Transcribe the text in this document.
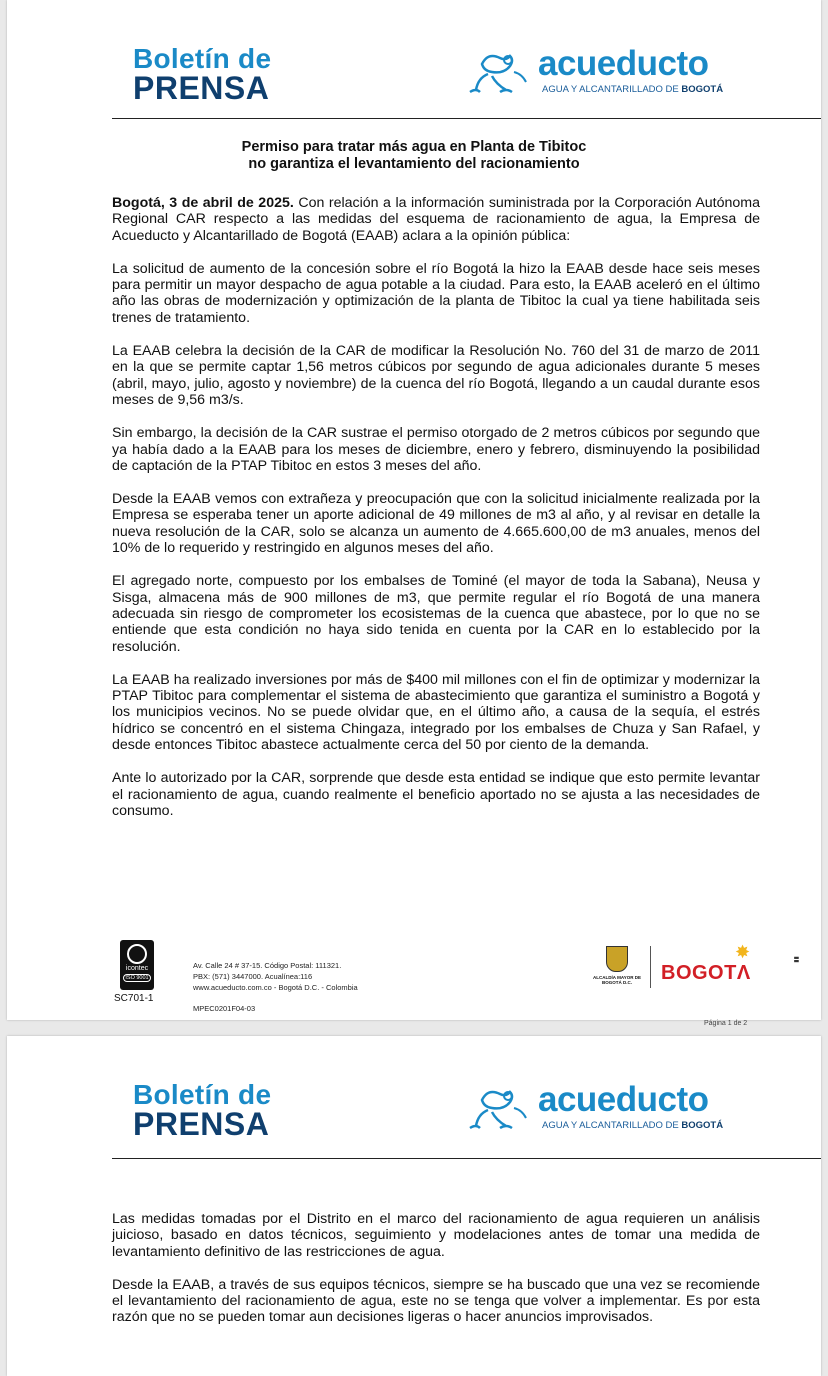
Boletín de
PRENSA
acueducto
AGUA Y ALCANTARILLADO DE BOGOTÁ
Permiso para tratar más agua en Planta de Tibitoc
no garantiza el levantamiento del racionamiento

Bogotá, 3 de abril de 2025. Con relación a la información suministrada por la Corporación Autónoma Regional CAR respecto a las medidas del esquema de racionamiento de agua, la Empresa de Acueducto y Alcantarillado de Bogotá (EAAB) aclara a la opinión pública:

La solicitud de aumento de la concesión sobre el río Bogotá la hizo la EAAB desde hace seis meses para permitir un mayor despacho de agua potable a la ciudad. Para esto, la EAAB aceleró en el último año las obras de modernización y optimización de la planta de Tibitoc la cual ya tiene habilitada seis trenes de tratamiento.

La EAAB celebra la decisión de la CAR de modificar la Resolución No. 760 del 31 de marzo de 2011 en la que se permite captar 1,56 metros cúbicos por segundo de agua adicionales durante 5 meses (abril, mayo, julio, agosto y noviembre) de la cuenca del río Bogotá, llegando a un caudal durante esos meses de 9,56 m3/s.

Sin embargo, la decisión de la CAR sustrae el permiso otorgado de 2 metros cúbicos por segundo que ya había dado a la EAAB para los meses de diciembre, enero y febrero, disminuyendo la posibilidad de captación de la PTAP Tibitoc en estos 3 meses del año.

Desde la EAAB vemos con extrañeza y preocupación que con la solicitud inicialmente realizada por la Empresa se esperaba tener un aporte adicional de 49 millones de m3 al año, y al revisar en detalle la nueva resolución de la CAR, solo se alcanza un aumento de 4.665.600,00 de m3 anuales, menos del 10% de lo requerido y restringido en algunos meses del año.

El agregado norte, compuesto por los embalses de Tominé (el mayor de toda la Sabana), Neusa y Sisga, almacena más de 900 millones de m3, que permite regular el río Bogotá de una manera adecuada sin riesgo de comprometer los ecosistemas de la cuenca que abastece, por lo que no se entiende que esta condición no haya sido tenida en cuenta por la CAR en lo establecido por la resolución.

La EAAB ha realizado inversiones por más de $400 mil millones con el fin de optimizar y modernizar la PTAP Tibitoc para complementar el sistema de abastecimiento que garantiza el suministro a Bogotá y los municipios vecinos. No se puede olvidar que, en el último año, a causa de la sequía, el estrés hídrico se concentró en el sistema Chingaza, integrado por los embalses de Chuza y San Rafael, y desde entonces Tibitoc abastece actualmente cerca del 50 por ciento de la demanda.

Ante lo autorizado por la CAR, sorprende que desde esta entidad se indique que esto permite levantar el racionamiento de agua, cuando realmente el beneficio aportado no se ajusta a las necesidades de consumo.

icontec
ISO 9001
SC701-1
Av. Calle 24 # 37-15. Código Postal: 111321.
PBX: (571) 3447000. Acualínea:116
www.acueducto.com.co - Bogotá D.C. - Colombia
MPEC0201F04-03
ALCALDÍA MAYOR DE BOGOTÁ D.C.	BOGOTΛ
✸	▮▮
Página 1 de 2
Boletín de
PRENSA
acueducto
AGUA Y ALCANTARILLADO DE BOGOTÁ

Las medidas tomadas por el Distrito en el marco del racionamiento de agua requieren un análisis juicioso, basado en datos técnicos, seguimiento y modelaciones antes de tomar una medida de levantamiento definitivo de las restricciones de agua.

Desde la EAAB, a través de sus equipos técnicos, siempre se ha buscado que una vez se recomiende el levantamiento del racionamiento de agua, este no se tenga que volver a implementar. Es por esta razón que no se pueden tomar aun decisiones ligeras o hacer anuncios improvisados.
